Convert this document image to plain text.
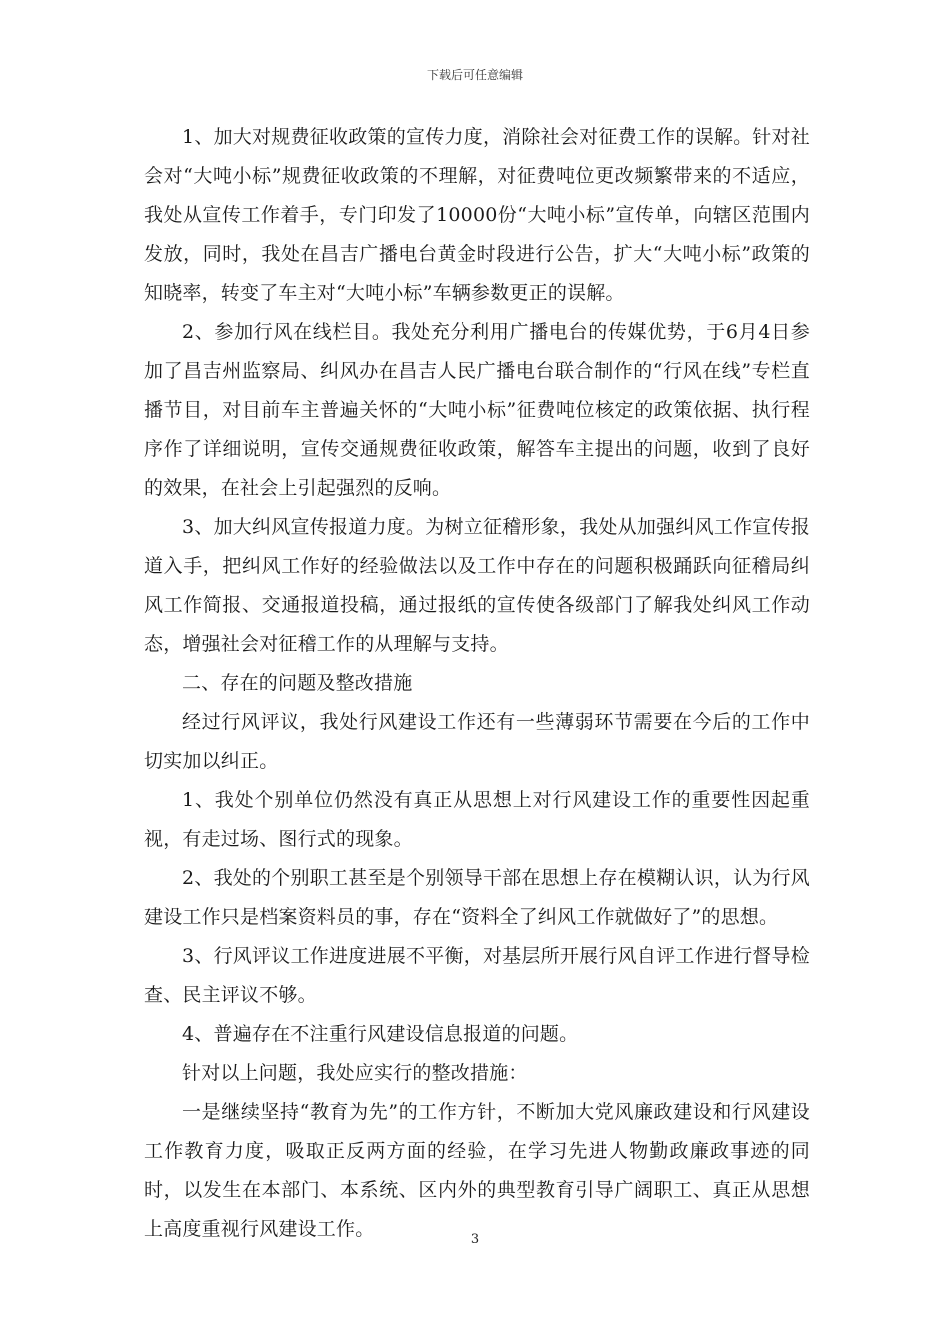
下载后可任意编辑

1、加大对规费征收政策的宣传力度，消除社会对征费工作的误解。针对社会对“大吨小标”规费征收政策的不理解，对征费吨位更改频繁带来的不适应，我处从宣传工作着手，专门印发了10000份“大吨小标”宣传单，向辖区范围内发放，同时，我处在昌吉广播电台黄金时段进行公告，扩大“大吨小标”政策的知晓率，转变了车主对“大吨小标”车辆参数更正的误解。

2、参加行风在线栏目。我处充分利用广播电台的传媒优势，于6月4日参加了昌吉州监察局、纠风办在昌吉人民广播电台联合制作的“行风在线”专栏直播节目，对目前车主普遍关怀的“大吨小标”征费吨位核定的政策依据、执行程序作了详细说明，宣传交通规费征收政策，解答车主提出的问题，收到了良好的效果，在社会上引起强烈的反响。

3、加大纠风宣传报道力度。为树立征稽形象，我处从加强纠风工作宣传报道入手，把纠风工作好的经验做法以及工作中存在的问题积极踊跃向征稽局纠风工作简报、交通报道投稿，通过报纸的宣传使各级部门了解我处纠风工作动态，增强社会对征稽工作的从理解与支持。

二、存在的问题及整改措施

经过行风评议，我处行风建设工作还有一些薄弱环节需要在今后的工作中切实加以纠正。

1、我处个别单位仍然没有真正从思想上对行风建设工作的重要性因起重视，有走过场、图行式的现象。

2、我处的个别职工甚至是个别领导干部在思想上存在模糊认识，认为行风建设工作只是档案资料员的事，存在“资料全了纠风工作就做好了”的思想。

3、行风评议工作进度进展不平衡，对基层所开展行风自评工作进行督导检查、民主评议不够。

4、普遍存在不注重行风建设信息报道的问题。

针对以上问题，我处应实行的整改措施：

一是继续坚持“教育为先”的工作方针，不断加大党风廉政建设和行风建设工作教育力度，吸取正反两方面的经验，在学习先进人物勤政廉政事迹的同时，以发生在本部门、本系统、区内外的典型教育引导广阔职工、真正从思想上高度重视行风建设工作。	3
